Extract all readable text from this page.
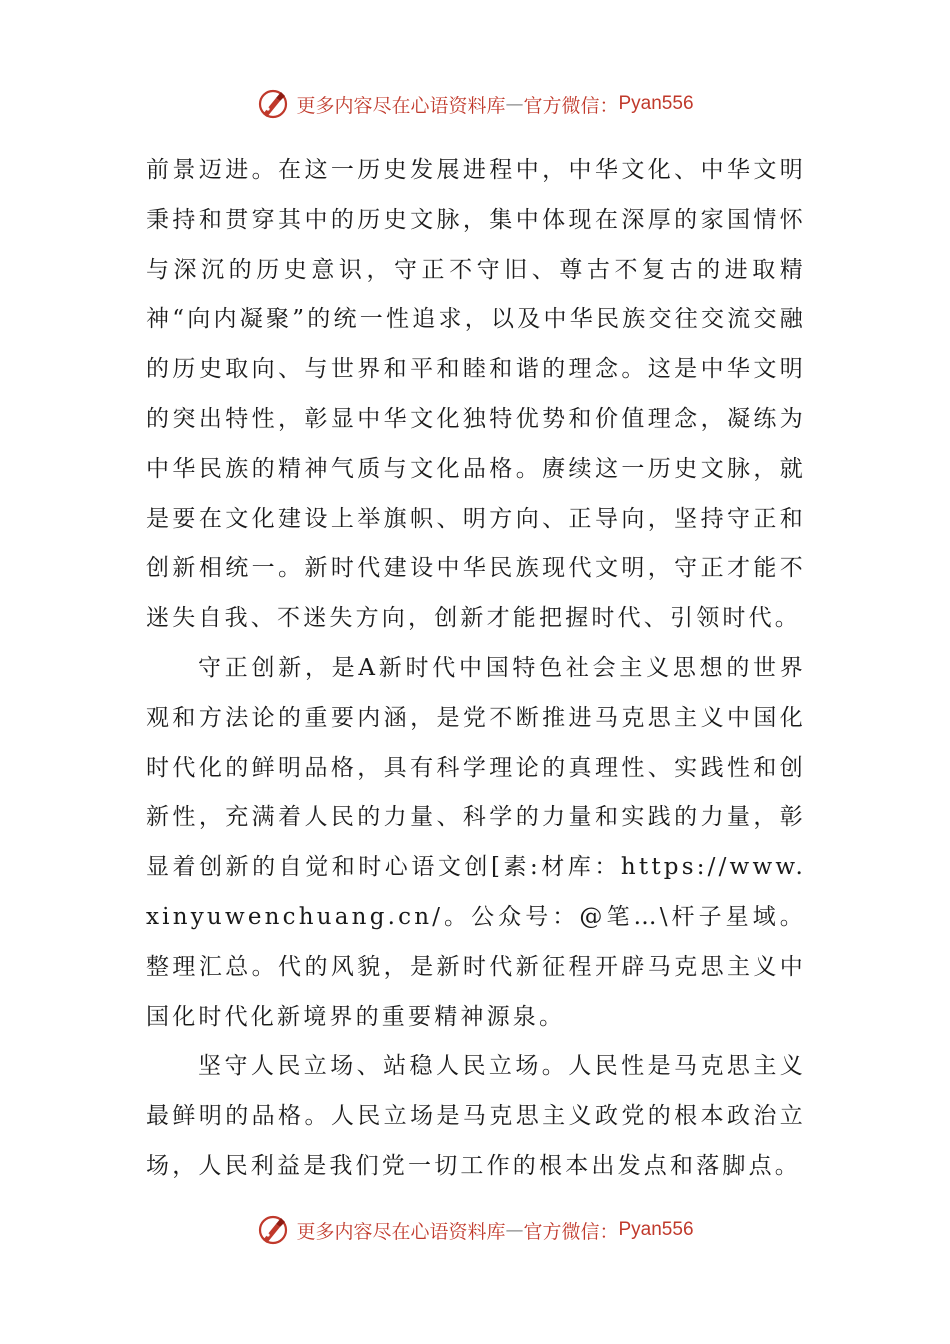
更多内容尽在心语资料库 — 官方微信： Pyan556

前景迈进。在这一历史发展进程中，中华文化、中华文明秉持和贯穿其中的历史文脉，集中体现在深厚的家国情怀与深沉的历史意识，守正不守旧、尊古不复古的进取精神“向内凝聚”的统一性追求，以及中华民族交往交流交融的历史取向、与世界和平和睦和谐的理念。这是中华文明的突出特性，彰显中华文化独特优势和价值理念，凝练为中华民族的精神气质与文化品格。赓续这一历史文脉，就是要在文化建设上举旗帜、明方向、正导向，坚持守正和创新相统一。新时代建设中华民族现代文明，守正才能不迷失自我、不迷失方向，创新才能把握时代、引领时代。

守正创新，是A新时代中国特色社会主义思想的世界观和方法论的重要内涵，是党不断推进马克思主义中国化时代化的鲜明品格，具有科学理论的真理性、实践性和创新性，充满着人民的力量、科学的力量和实践的力量，彰显着创新的自觉和时心语文创[素:材库：https://www.xinyuwenchuang.cn/。公众号：@笔…\杆子星域。整理汇总。代的风貌，是新时代新征程开辟马克思主义中国化时代化新境界的重要精神源泉。

坚守人民立场、站稳人民立场。人民性是马克思主义最鲜明的品格。人民立场是马克思主义政党的根本政治立场，人民利益是我们党一切工作的根本出发点和落脚点。

更多内容尽在心语资料库 — 官方微信： Pyan556
